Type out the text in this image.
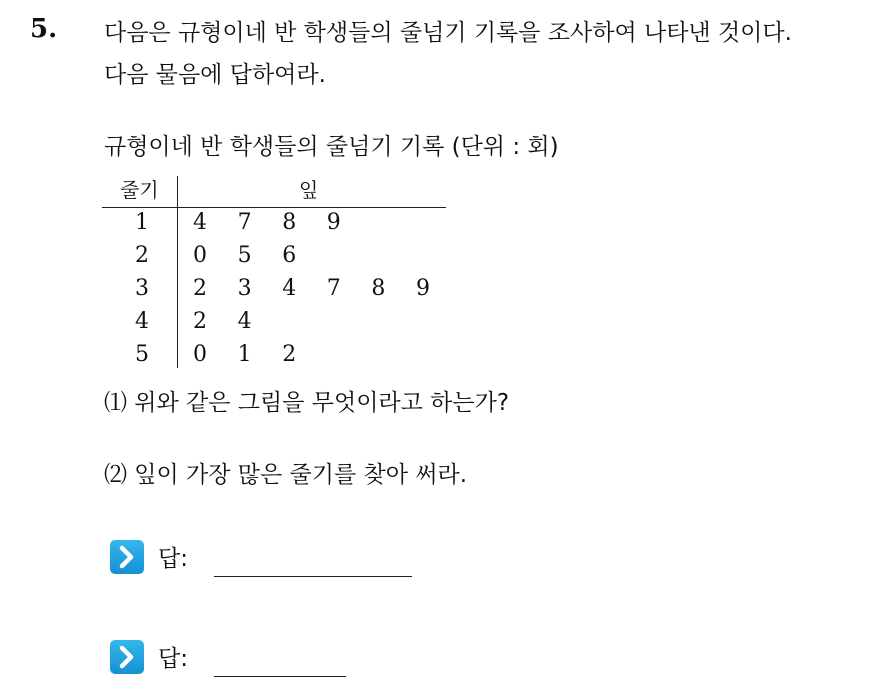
5. 다음은 규형이네 반 학생들의 줄넘기 기록을 조사하여 나타낸 것이다.
다음 물음에 답하여라.
규형이네 반 학생들의 줄넘기 기록 (단위 : 회)
줄기	잎
1 4 7 8 9
2 0 5 6
3 2 3 4 7 8 9
4 2 4
5 0 1 2
⑴ 위와 같은 그림을 무엇이라고 하는가?
⑵ 잎이 가장 많은 줄기를 찾아 써라.
답:
답:
